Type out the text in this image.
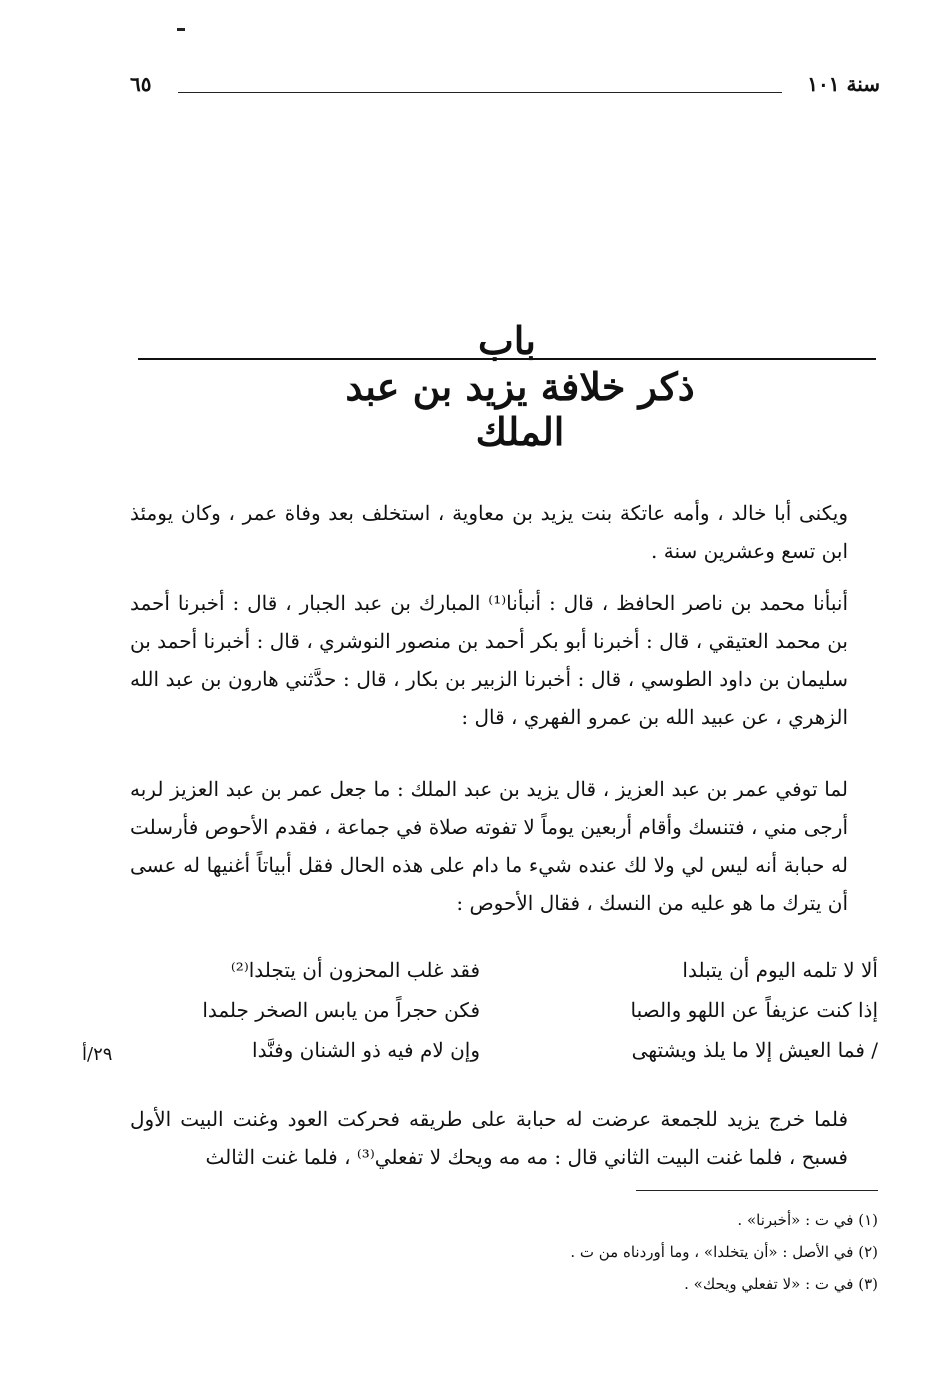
سنة ١٠١
٦٥
باب
ذكر خلافة يزيد بن عبد الملك
ويكنى أبا خالد ، وأمه عاتكة بنت يزيد بن معاوية ، استخلف بعد وفاة عمر ، وكان يومئذ ابن تسع وعشرين سنة .
أنبأنا محمد بن ناصر الحافظ ، قال : أنبأنا⁽¹⁾ المبارك بن عبد الجبار ، قال : أخبرنا أحمد بن محمد العتيقي ، قال : أخبرنا أبو بكر أحمد بن منصور النوشري ، قال : أخبرنا أحمد بن سليمان بن داود الطوسي ، قال : أخبرنا الزبير بن بكار ، قال : حدَّثني هارون بن عبد الله الزهري ، عن عبيد الله بن عمرو الفهري ، قال :
لما توفي عمر بن عبد العزيز ، قال يزيد بن عبد الملك : ما جعل عمر بن عبد العزيز لربه أرجى مني ، فتنسك وأقام أربعين يوماً لا تفوته صلاة في جماعة ، فقدم الأحوص فأرسلت له حبابة أنه ليس لي ولا لك عنده شيء ما دام على هذه الحال فقل أبياتاً أغنيها له عسى أن يترك ما هو عليه من النسك ، فقال الأحوص :
ألا لا تلمه اليوم أن يتبلدا
فقد غلب المحزون أن يتجلدا⁽²⁾
إذا كنت عزيفاً عن اللهو والصبا
فكن حجراً من يابس الصخر جلمدا
/ فما العيش إلا ما يلذ ويشتهى
وإن لام فيه ذو الشنان وفنَّدا
٢٩/أ
فلما خرج يزيد للجمعة عرضت له حبابة على طريقه فحركت العود وغنت البيت الأول فسبح ، فلما غنت البيت الثاني قال : مه مه ويحك لا تفعلي⁽³⁾ ، فلما غنت الثالث
(١) في ت : «أخبرنا» .
(٢) في الأصل : «أن يتخلدا» ، وما أوردناه من ت .
(٣) في ت : «لا تفعلي ويحك» .
